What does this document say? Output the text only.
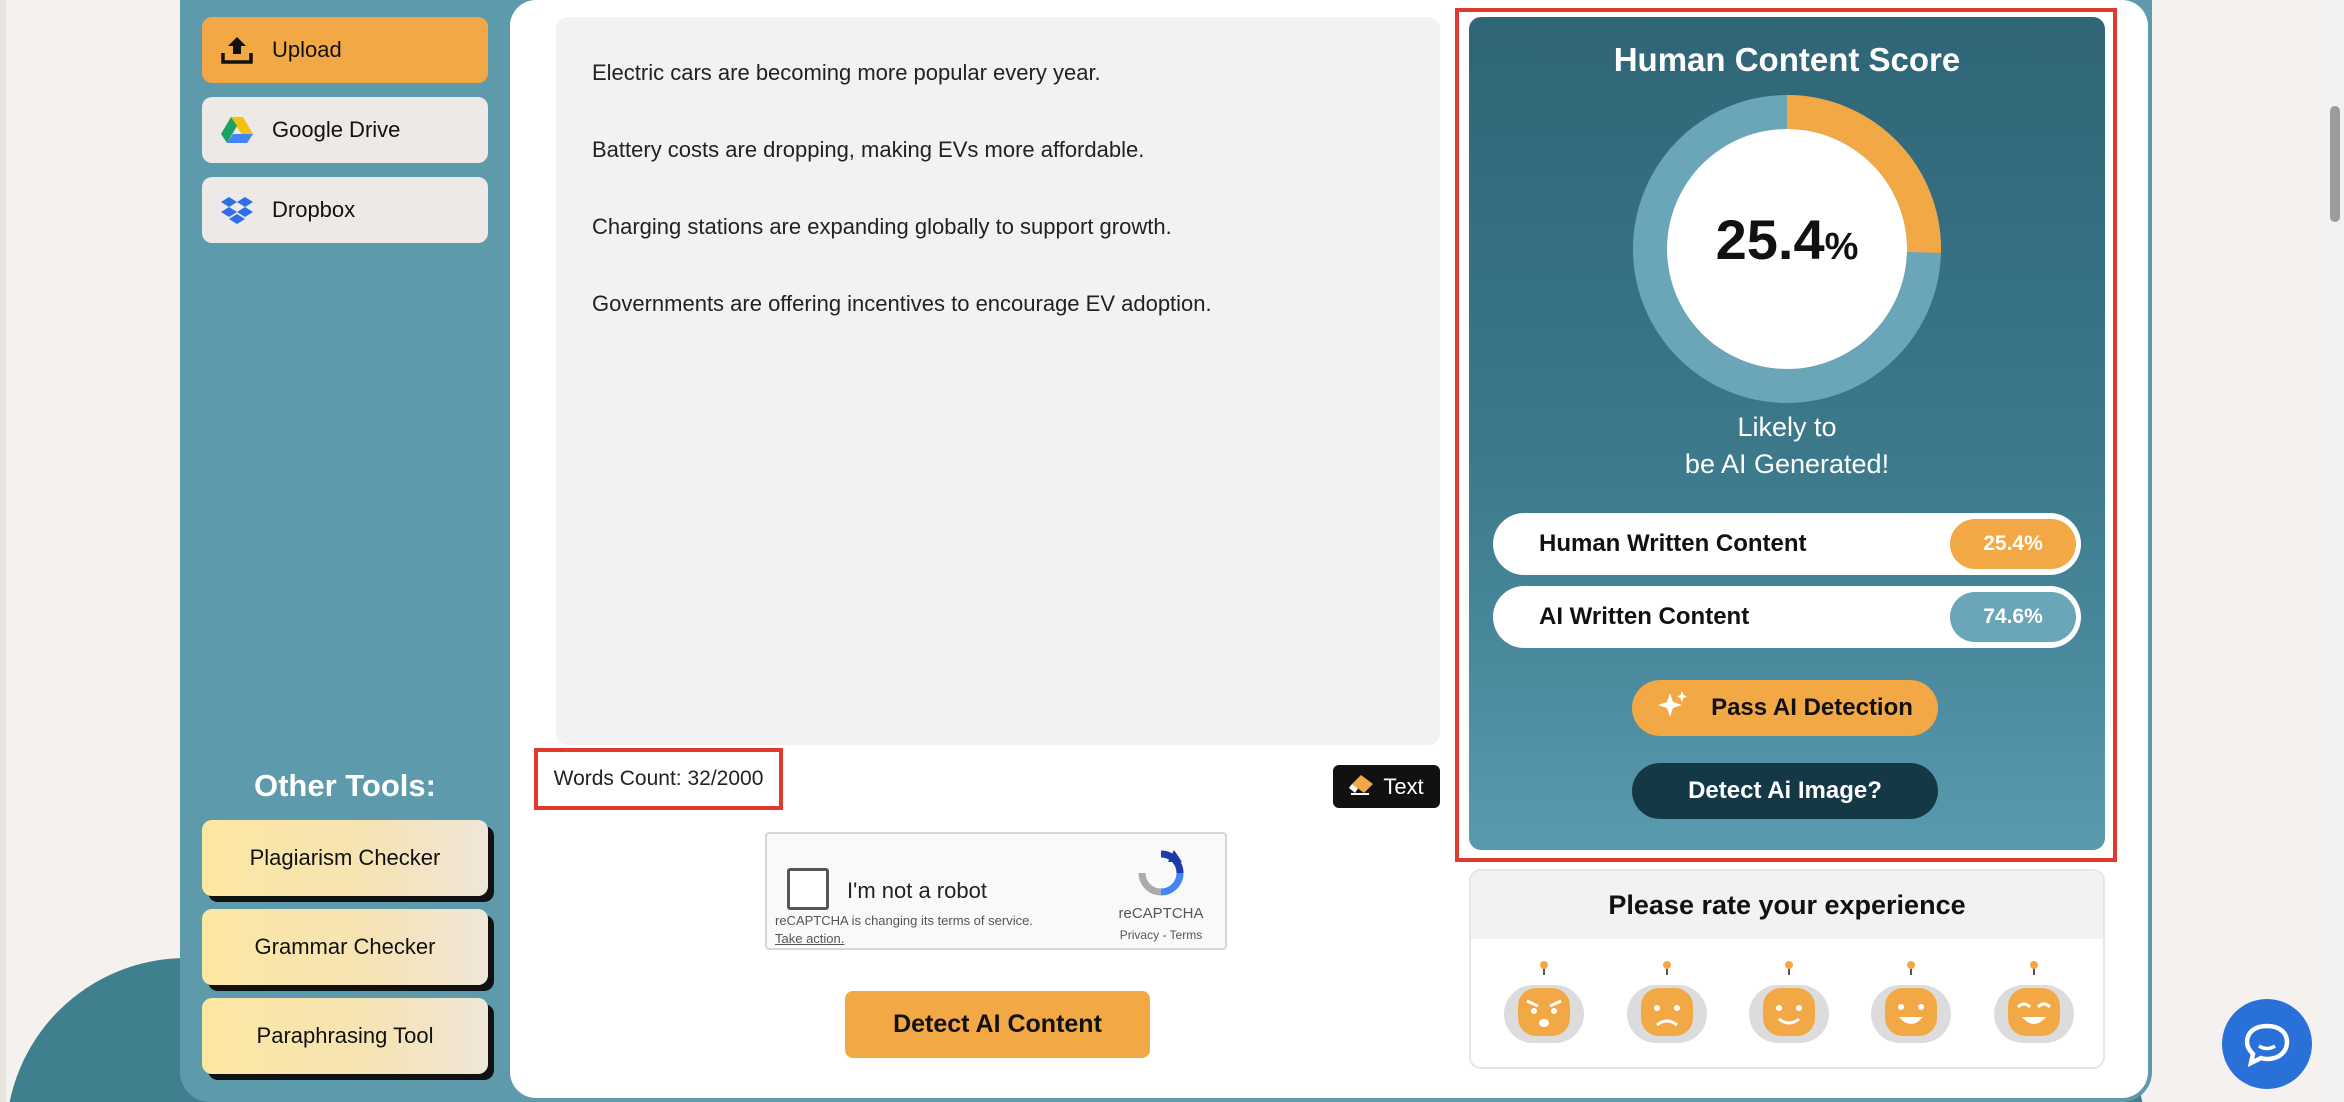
Upload
Google Drive
Dropbox
Other Tools:
Plagiarism Checker
Grammar Checker
Paraphrasing Tool

Electric cars are becoming more popular every year.

Battery costs are dropping, making EVs more affordable.

Charging stations are expanding globally to support growth.

Governments are offering incentives to encourage EV adoption.

Words Count: 32/2000	Text
I'm not a robot
reCAPTCHA is changing its terms of service.
Take action.
reCAPTCHA
Privacy - Terms
Detect AI Content
Human Content Score
25.4%
Likely to
be AI Generated!
Human Written Content	25.4%
AI Written Content	74.6%
Pass AI Detection
Detect Ai Image?
Please rate your experience
